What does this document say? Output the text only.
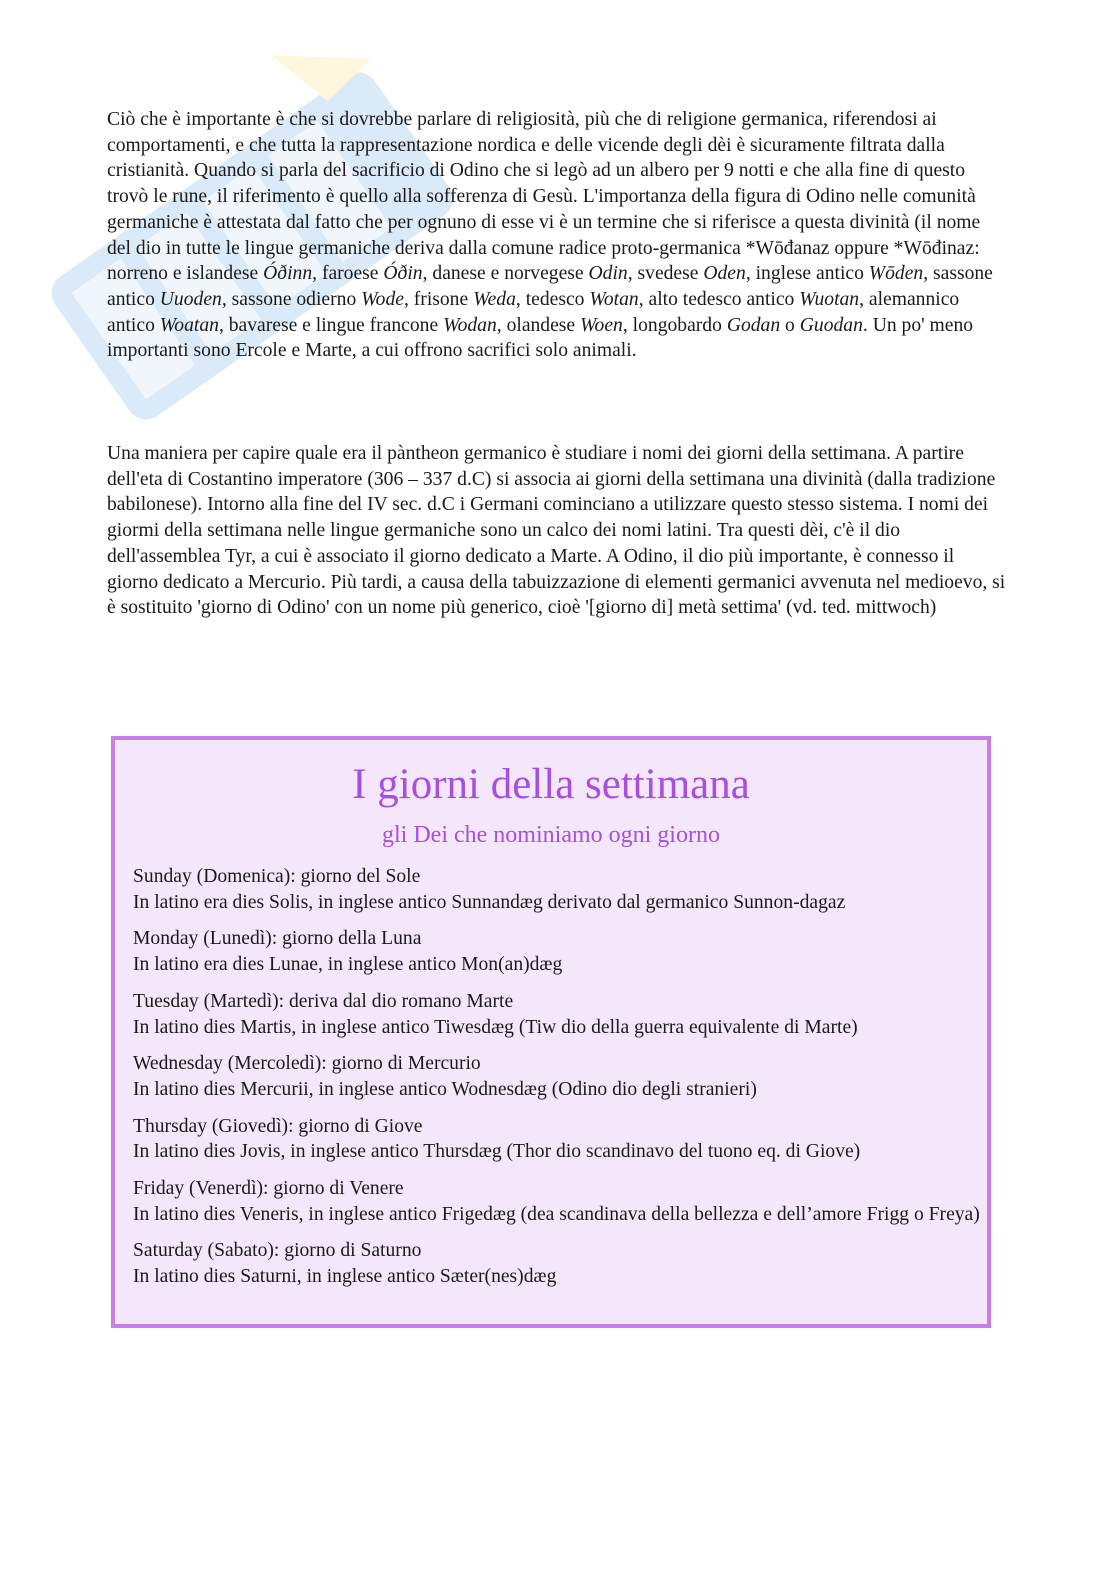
Ciò che è importante è che si dovrebbe parlare di religiosità, più che di religione germanica, riferendosi ai comportamenti, e che tutta la rappresentazione nordica e delle vicende degli dèi è sicuramente filtrata dalla cristianità. Quando si parla del sacrificio di Odino che si legò ad un albero per 9 notti e che alla fine di questo trovò le rune, il riferimento è quello alla sofferenza di Gesù. L'importanza della figura di Odino nelle comunità germaniche è attestata dal fatto che per ognuno di esse vi è un termine che si riferisce a questa divinità (il nome del dio in tutte le lingue germaniche deriva dalla comune radice proto-germanica *Wōđanaz oppure *Wōđinaz: norreno e islandese Óðinn, faroese Óðin, danese e norvegese Odin, svedese Oden, inglese antico Wōden, sassone antico Uuoden, sassone odierno Wode, frisone Weda, tedesco Wotan, alto tedesco antico Wuotan, alemannico antico Woatan, bavarese e lingue francone Wodan, olandese Woen, longobardo Godan o Guodan. Un po' meno importanti sono Ercole e Marte, a cui offrono sacrifici solo animali.
Una maniera per capire quale era il pàntheon germanico è studiare i nomi dei giorni della settimana. A partire dell'eta di Costantino imperatore (306 – 337 d.C) si associa ai giorni della settimana una divinità (dalla tradizione babilonese). Intorno alla fine del IV sec. d.C i Germani cominciano a utilizzare questo stesso sistema. I nomi dei giormi della settimana nelle lingue germaniche sono un calco dei nomi latini. Tra questi dèi, c'è il dio dell'assemblea Tyr, a cui è associato il giorno dedicato a Marte. A Odino, il dio più importante, è connesso il giorno dedicato a Mercurio. Più tardi, a causa della tabuizzazione di elementi germanici avvenuta nel medioevo, si è sostituito 'giorno di Odino' con un nome più generico, cioè '[giorno di] metà settima' (vd. ted. mittwoch)
I giorni della settimana
gli Dei che nominiamo ogni giorno
Sunday (Domenica): giorno del Sole
In latino era dies Solis, in inglese antico Sunnandæg derivato dal germanico Sunnon-dagaz
Monday (Lunedì): giorno della Luna
In latino era dies Lunae, in inglese antico Mon(an)dæg
Tuesday (Martedì): deriva dal dio romano Marte
In latino dies Martis, in inglese antico Tiwesdæg (Tiw dio della guerra equivalente di Marte)
Wednesday (Mercoledì): giorno di Mercurio
In latino dies Mercurii, in inglese antico Wodnesdæg (Odino dio degli stranieri)
Thursday (Giovedì): giorno di Giove
In latino dies Jovis, in inglese antico Thursdæg (Thor dio scandinavo del tuono eq. di Giove)
Friday (Venerdì): giorno di Venere
In latino dies Veneris, in inglese antico Frigedæg (dea scandinava della bellezza e dell’amore Frigg o Freya)
Saturday (Sabato): giorno di Saturno
In latino dies Saturni, in inglese antico Sæter(nes)dæg
